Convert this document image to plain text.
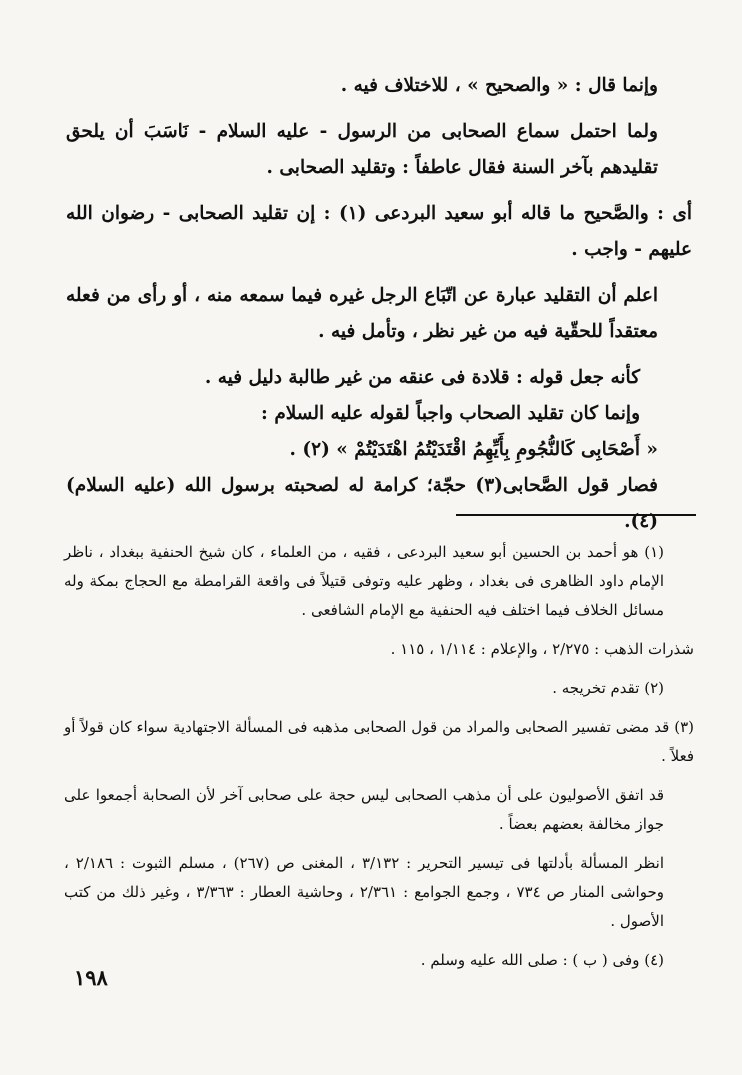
وإنما قال : « والصحيح » ، للاختلاف فيه .

ولما احتمل سماع الصحابى من الرسول - عليه السلام - نَاسَبَ أن يلحق تقليدهم بآخر السنة فقال عاطفاً : وتقليد الصحابى .

أى : والصَّحيح ما قاله أبو سعيد البردعى (١) : إن تقليد الصحابى - رضوان الله عليهم - واجب .

اعلم أن التقليد عبارة عن اتّبَاع الرجل غيره فيما سمعه منه ، أو رأى من فعله معتقداً للحقّية فيه من غير نظر ، وتأمل فيه .

كأنه جعل قوله : قلادة فى عنقه من غير طالبة دليل فيه .

وإنما كان تقليد الصحاب واجباً لقوله عليه السلام :

« أَصْحَابِى كَالنُّجُومِ بِأَيِّهِمُ اقْتَدَيْتُمُ اهْتَدَيْتُمْ » (٢) .

فصار قول الصَّحابى(٣) حجّة؛ كرامة له لصحبته برسول الله (عليه السلام)(٤).

(١) هو أحمد بن الحسين أبو سعيد البردعى ، فقيه ، من العلماء ، كان شيخ الحنفية ببغداد ، ناظر الإمام داود الظاهرى فى بغداد ، وظهر عليه وتوفى قتيلاً فى واقعة القرامطة مع الحجاج بمكة وله مسائل الخلاف فيما اختلف فيه الحنفية مع الإمام الشافعى .

شذرات الذهب : ٢/٢٧٥ ، والإعلام : ١/١١٤ ، ١١٥ .

(٢) تقدم تخريجه .

(٣) قد مضى تفسير الصحابى والمراد من قول الصحابى مذهبه فى المسألة الاجتهادية سواء كان قولاً أو فعلاً .

قد اتفق الأصوليون على أن مذهب الصحابى ليس حجة على صحابى آخر لأن الصحابة أجمعوا على جواز مخالفة بعضهم بعضاً .

انظر المسألة بأدلتها فى تيسير التحرير : ٣/١٣٢ ، المغنى ص (٢٦٧) ، مسلم الثبوت : ٢/١٨٦ ، وحواشى المنار ص ٧٣٤ ، وجمع الجوامع : ٢/٣٦١ ، وحاشية العطار : ٣/٣٦٣ ، وغير ذلك من كتب الأصول .

(٤) وفى ( ب ) : صلى الله عليه وسلم .

١٩٨
